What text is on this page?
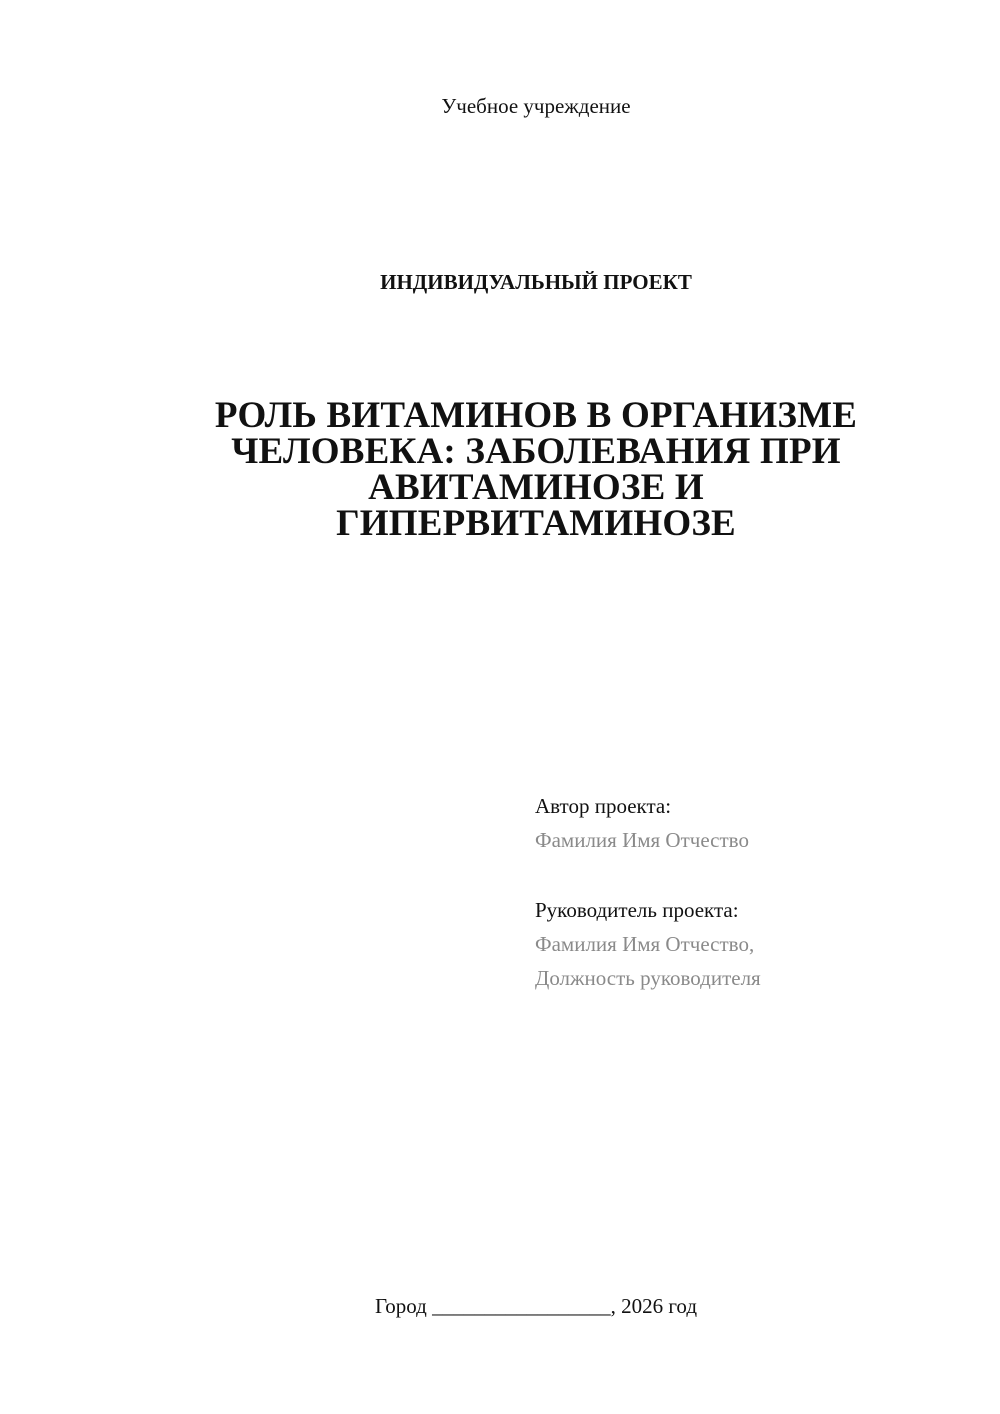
Учебное учреждение
ИНДИВИДУАЛЬНЫЙ ПРОЕКТ
РОЛЬ ВИТАМИНОВ В ОРГАНИЗМЕ
ЧЕЛОВЕКА: ЗАБОЛЕВАНИЯ ПРИ
АВИТАМИНОЗЕ И
ГИПЕРВИТАМИНОЗЕ
Автор проекта:
Фамилия Имя Отчество
Руководитель проекта:
Фамилия Имя Отчество,
Должность руководителя
Город _________________, 2026 год
